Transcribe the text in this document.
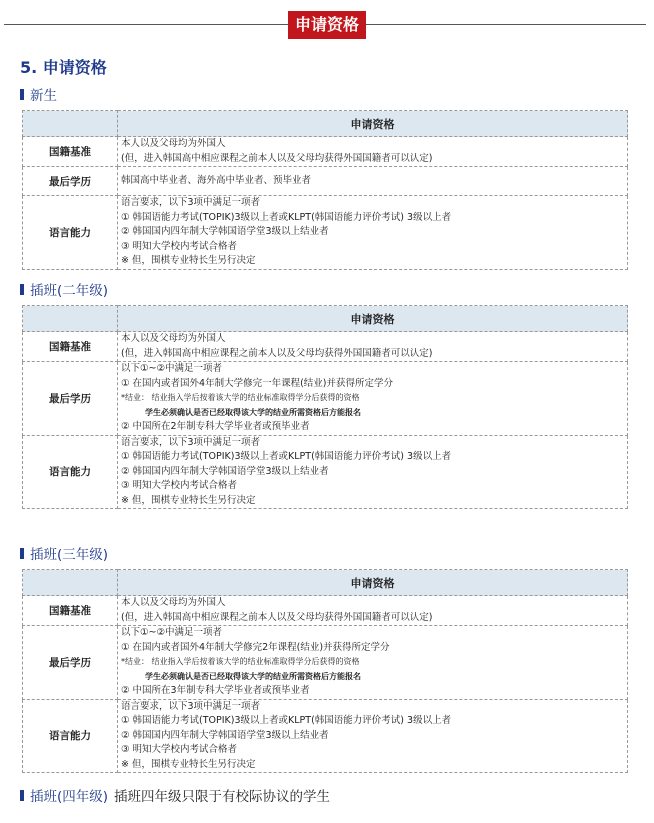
申请资格
5. 申请资格
新生
	申请资格
国籍基准	本人以及父母均为外国人
(但，进入韩国高中相应课程之前本人以及父母均获得外国国籍者可以认定)

最后学历	韩国高中毕业者、海外高中毕业者、预毕业者

语言能力	语言要求，以下3项中满足一项者
① 韩国语能力考试(TOPIK)3级以上者或KLPT(韩国语能力评价考试) 3级以上者
② 韩国国内四年制大学韩国语学堂3级以上结业者
③ 明知大学校内考试合格者
※ 但，围棋专业特长生另行决定
插班(二年级)
	申请资格
国籍基准	本人以及父母均为外国人
(但，进入韩国高中相应课程之前本人以及父母均获得外国国籍者可以认定)

最后学历	以下①~②中满足一项者
① 在国内或者国外4年制大学修完一年课程(结业)并获得所定学分
*结业： 结业指入学后按着该大学的结业标准取得学分后获得的资格
学生必须确认是否已经取得该大学的结业所需资格后方能报名
② 中国所在2年制专科大学毕业者或预毕业者

语言能力	语言要求，以下3项中满足一项者
① 韩国语能力考试(TOPIK)3级以上者或KLPT(韩国语能力评价考试) 3级以上者
② 韩国国内四年制大学韩国语学堂3级以上结业者
③ 明知大学校内考试合格者
※ 但，围棋专业特长生另行决定
插班(三年级)
	申请资格
国籍基准	本人以及父母均为外国人
(但，进入韩国高中相应课程之前本人以及父母均获得外国国籍者可以认定)

最后学历	以下①~②中满足一项者
① 在国内或者国外4年制大学修完2年课程(结业)并获得所定学分
*结业： 结业指入学后按着该大学的结业标准取得学分后获得的资格
学生必须确认是否已经取得该大学的结业所需资格后方能报名
② 中国所在3年制专科大学毕业者或预毕业者

语言能力	语言要求，以下3项中满足一项者
① 韩国语能力考试(TOPIK)3级以上者或KLPT(韩国语能力评价考试) 3级以上者
② 韩国国内四年制大学韩国语学堂3级以上结业者
③ 明知大学校内考试合格者
※ 但，围棋专业特长生另行决定
插班(四年级) 插班四年级只限于有校际协议的学生
